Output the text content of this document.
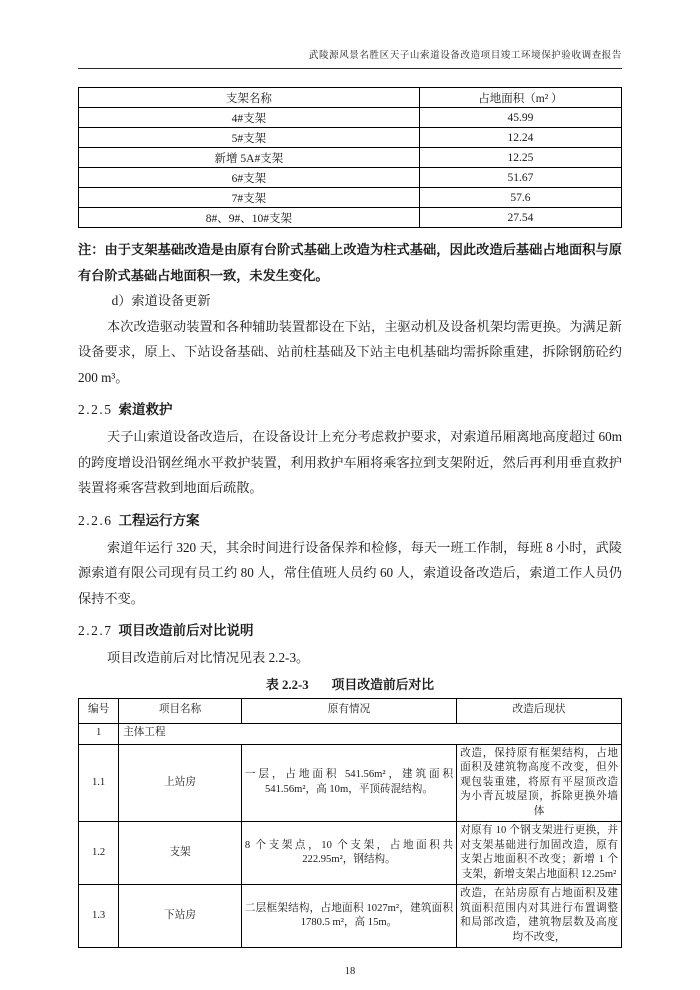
武陵源风景名胜区天子山索道设备改造项目竣工环境保护验收调查报告
支架名称	占地面积（m² ）
4#支架	45.99
5#支架	12.24
新增 5A#支架	12.25
6#支架	51.67
7#支架	57.6
8#、9#、10#支架	27.54

注：由于支架基础改造是由原有台阶式基础上改造为柱式基础，因此改造后基础占地面积与原有台阶式基础占地面积一致，未发生变化。

d）索道设备更新

本次改造驱动装置和各种辅助装置都设在下站，主驱动机及设备机架均需更换。为满足新设备要求，原上、下站设备基础、站前柱基础及下站主电机基础均需拆除重建，拆除钢筋砼约 200 m³。

2.2.5 索道救护

天子山索道设备改造后，在设备设计上充分考虑救护要求，对索道吊厢离地高度超过 60m 的跨度增设沿钢丝绳水平救护装置，利用救护车厢将乘客拉到支架附近，然后再利用垂直救护装置将乘客营救到地面后疏散。

2.2.6 工程运行方案

索道年运行 320 天，其余时间进行设备保养和检修，每天一班工作制，每班 8 小时，武陵源索道有限公司现有员工约 80 人，常住值班人员约 60 人，索道设备改造后，索道工作人员仍保持不变。

2.2.7 项目改造前后对比说明

项目改造前后对比情况见表 2.2-3。

表 2.2-3 项目改造前后对比
编号	项目名称	原有情况	改造后现状
1	主体工程		
1.1	上站房	一层，占地面积 541.56m²，建筑面积 541.56m²，高 10m，平顶砖混结构。	改造，保持原有框架结构，占地面积及建筑物高度不改变，但外观包装重建，将原有平屋顶改造为小青瓦坡屋顶，拆除更换外墙体
1.2	支架	8 个支架点，10 个支架，占地面积共 222.95m²，钢结构。	对原有 10 个钢支架进行更换，并对支架基础进行加固改造，原有支架占地面积不改变；新增 1 个支架，新增支架占地面积 12.25m²
1.3	下站房	二层框架结构，占地面积 1027m²，建筑面积 1780.5 m²，高 15m。	改造，在站房原有占地面积及建筑面积范围内对其进行布置调整和局部改造，建筑物层数及高度均不改变，
18
